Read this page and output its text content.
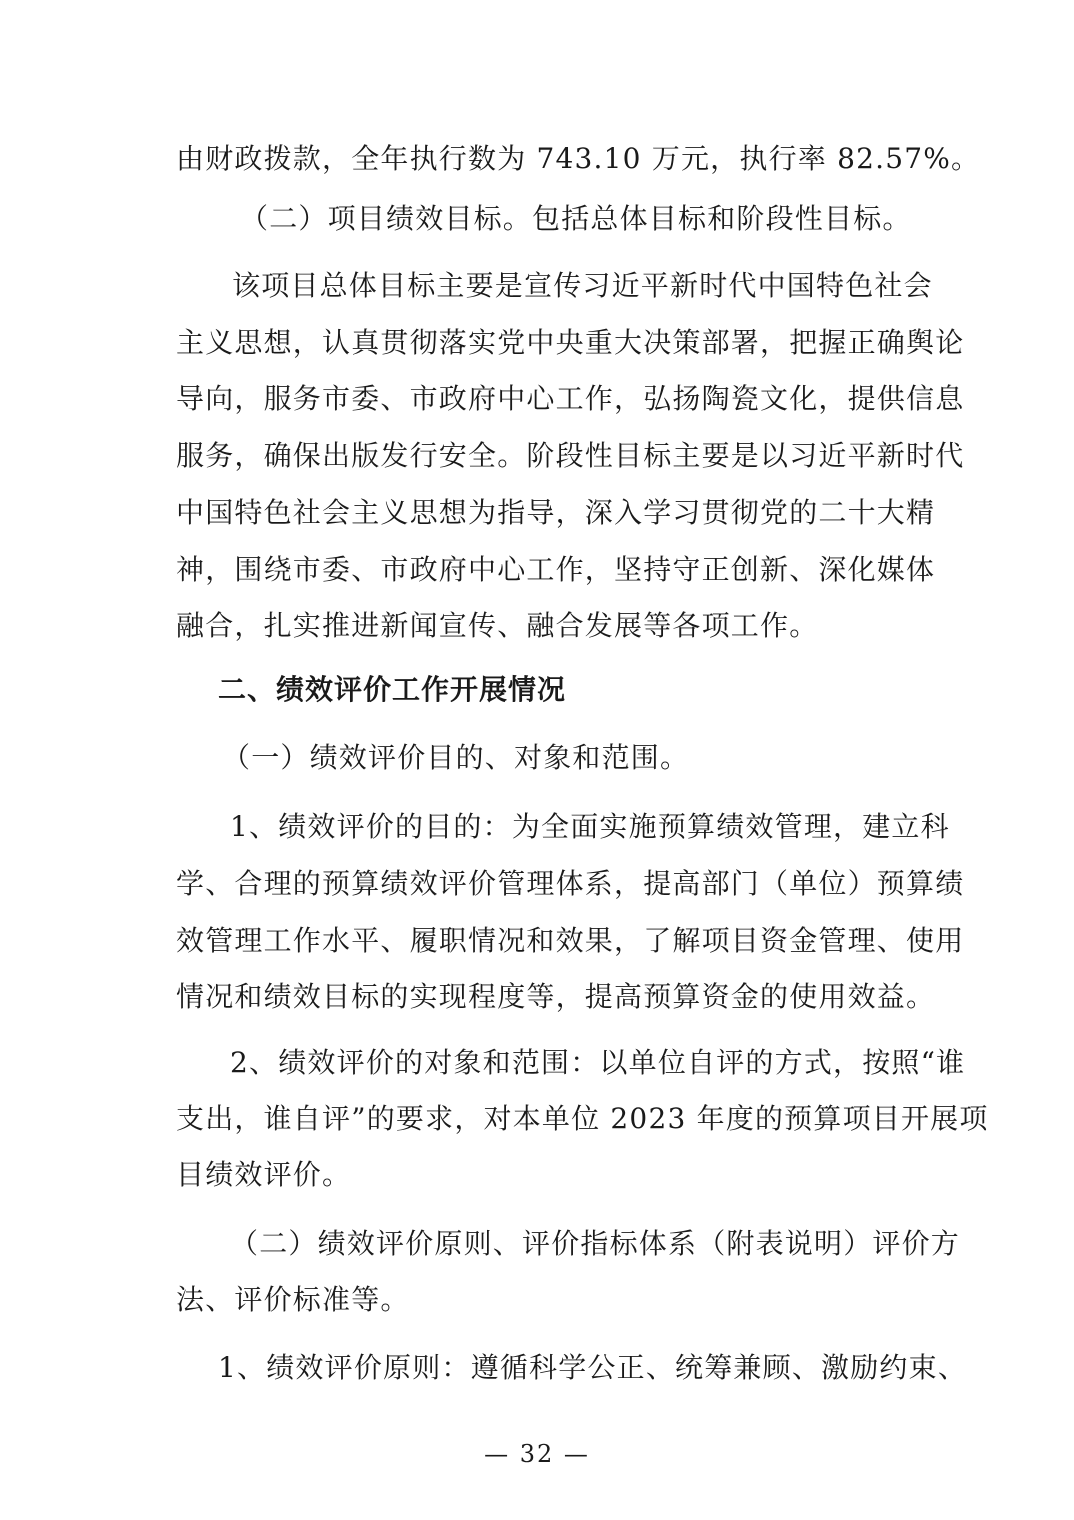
由财政拨款，全年执行数为 743.10 万元，执行率 82.57%。

（二）项目绩效目标。包括总体目标和阶段性目标。

该项目总体目标主要是宣传习近平新时代中国特色社会

主义思想，认真贯彻落实党中央重大决策部署，把握正确舆论

导向，服务市委、市政府中心工作，弘扬陶瓷文化，提供信息

服务，确保出版发行安全。阶段性目标主要是以习近平新时代

中国特色社会主义思想为指导，深入学习贯彻党的二十大精

神，围绕市委、市政府中心工作，坚持守正创新、深化媒体

融合，扎实推进新闻宣传、融合发展等各项工作。

二、绩效评价工作开展情况

（一）绩效评价目的、对象和范围。

1、绩效评价的目的：为全面实施预算绩效管理，建立科

学、合理的预算绩效评价管理体系，提高部门（单位）预算绩

效管理工作水平、履职情况和效果，了解项目资金管理、使用

情况和绩效目标的实现程度等，提高预算资金的使用效益。

2、绩效评价的对象和范围：以单位自评的方式，按照“谁

支出，谁自评”的要求，对本单位 2023 年度的预算项目开展项

目绩效评价。

（二）绩效评价原则、评价指标体系（附表说明）评价方

法、评价标准等。

1、绩效评价原则：遵循科学公正、统筹兼顾、激励约束、

— 32 —
